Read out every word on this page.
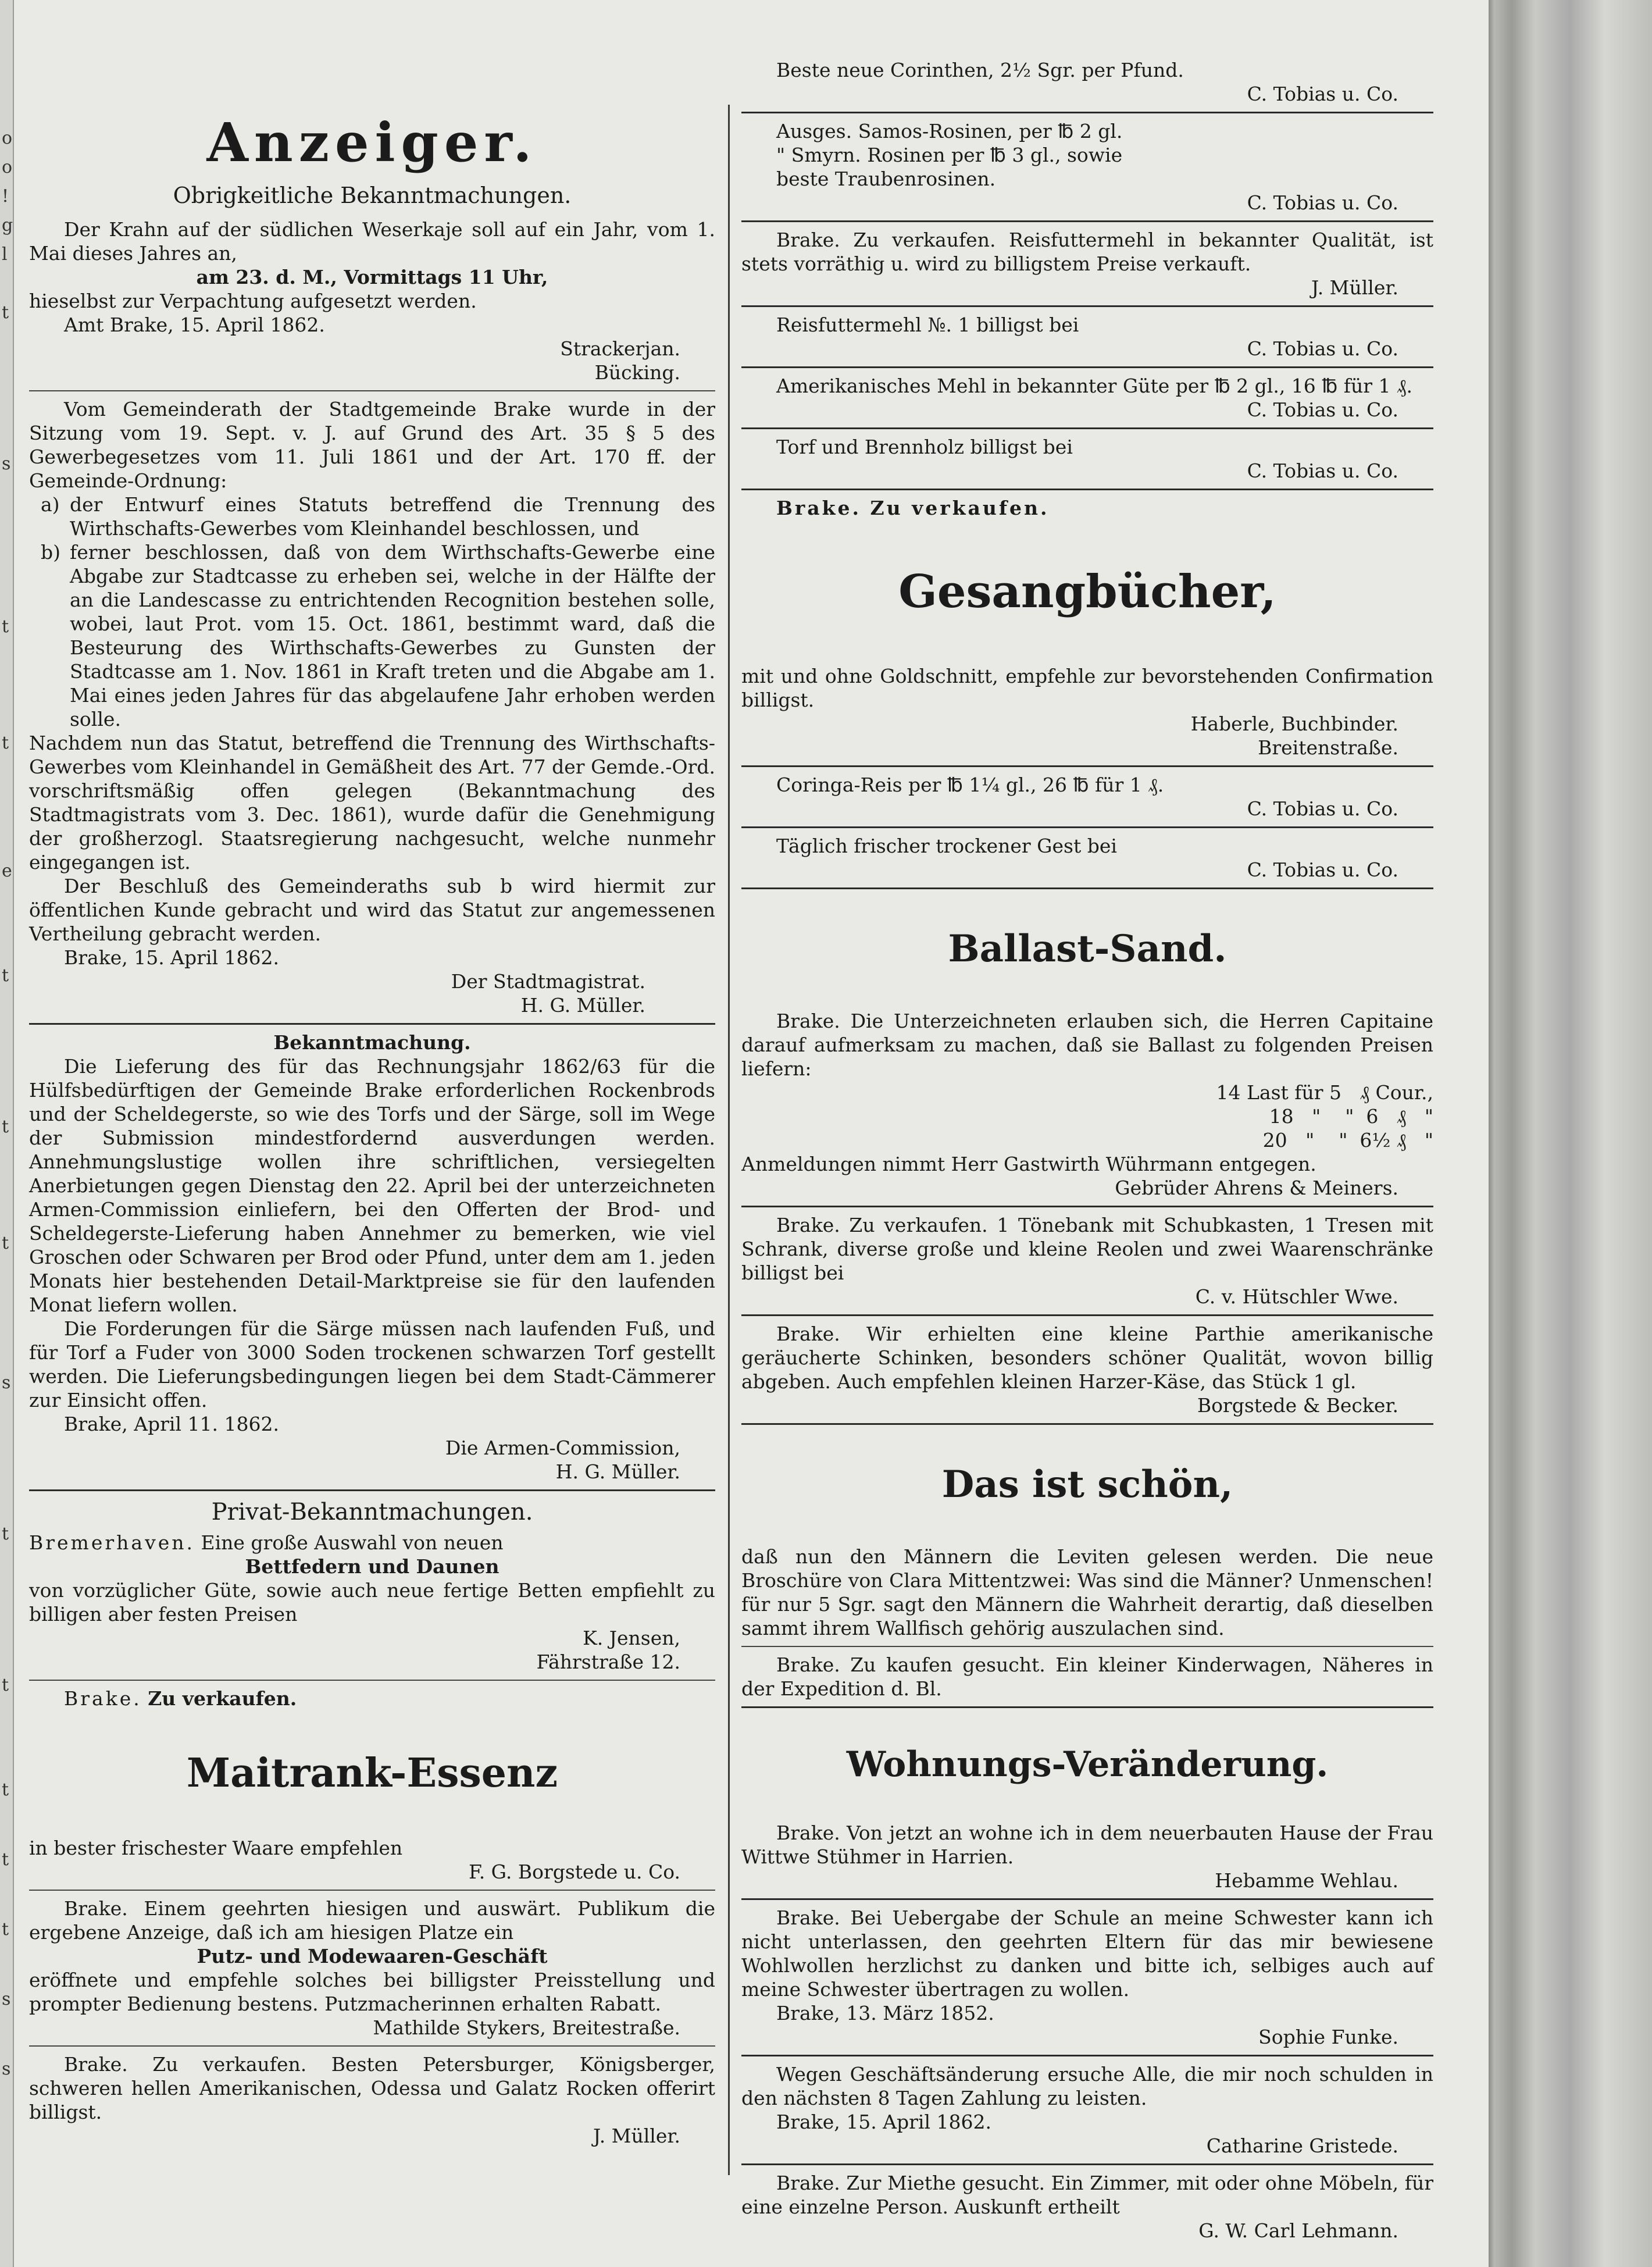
o
o
!
g
l
t
s
t
t
e
t
t
t
s
t
t
t
t
t
s
s
Anzeiger.
Obrigkeitliche Bekanntmachungen.

Der Krahn auf der südlichen Weserkaje soll auf ein Jahr, vom 1. Mai dieses Jahres an,

am 23. d. M., Vormittags 11 Uhr,

hieselbst zur Verpachtung aufgesetzt werden.

Amt Brake, 15. April 1862.

Strackerjan.

Bücking.

Vom Gemeinderath der Stadtgemeinde Brake wurde in der Sitzung vom 19. Sept. v. J. auf Grund des Art. 35 § 5 des Gewerbegesetzes vom 11. Juli 1861 und der Art. 170 ff. der Gemeinde-Ordnung:

a) der Entwurf eines Statuts betreffend die Trennung des Wirthschafts-Gewerbes vom Kleinhandel beschlossen, und
b) ferner beschlossen, daß von dem Wirthschafts-Gewerbe eine Abgabe zur Stadtcasse zu erheben sei, welche in der Hälfte der an die Landescasse zu entrichtenden Recognition bestehen solle, wobei, laut Prot. vom 15. Oct. 1861, bestimmt ward, daß die Besteurung des Wirthschafts-Gewerbes zu Gunsten der Stadtcasse am 1. Nov. 1861 in Kraft treten und die Abgabe am 1. Mai eines jeden Jahres für das abgelaufene Jahr erhoben werden solle.

Nachdem nun das Statut, betreffend die Trennung des Wirthschafts-Gewerbes vom Kleinhandel in Gemäßheit des Art. 77 der Gemde.-Ord. vorschriftsmäßig offen gelegen (Bekanntmachung des Stadtmagistrats vom 3. Dec. 1861), wurde dafür die Genehmigung der großherzogl. Staatsregierung nachgesucht, welche nunmehr eingegangen ist.

Der Beschluß des Gemeinderaths sub b wird hiermit zur öffentlichen Kunde gebracht und wird das Statut zur angemessenen Vertheilung gebracht werden.

Brake, 15. April 1862.

Der Stadtmagistrat.

H. G. Müller.

Bekanntmachung.

Die Lieferung des für das Rechnungsjahr 1862/63 für die Hülfsbedürftigen der Gemeinde Brake erforderlichen Rockenbrods und der Scheldegerste, so wie des Torfs und der Särge, soll im Wege der Submission mindestfordernd ausverdungen werden. Annehmungslustige wollen ihre schriftlichen, versiegelten Anerbietungen gegen Dienstag den 22. April bei der unterzeichneten Armen-Commission einliefern, bei den Offerten der Brod- und Scheldegerste-Lieferung haben Annehmer zu bemerken, wie viel Groschen oder Schwaren per Brod oder Pfund, unter dem am 1. jeden Monats hier bestehenden Detail-Marktpreise sie für den laufenden Monat liefern wollen.

Die Forderungen für die Särge müssen nach laufenden Fuß, und für Torf a Fuder von 3000 Soden trockenen schwarzen Torf gestellt werden. Die Lieferungsbedingungen liegen bei dem Stadt-Cämmerer zur Einsicht offen.

Brake, April 11. 1862.

Die Armen-Commission,

H. G. Müller.

Privat-Bekanntmachungen.

Bremerhaven. Eine große Auswahl von neuen

Bettfedern und Daunen

von vorzüglicher Güte, sowie auch neue fertige Betten empfiehlt zu billigen aber festen Preisen

K. Jensen,

Fährstraße 12.

Brake. Zu verkaufen.

Maitrank-Essenz

in bester frischester Waare empfehlen

F. G. Borgstede u. Co.

Brake. Einem geehrten hiesigen und auswärt. Publikum die ergebene Anzeige, daß ich am hiesigen Platze ein

Putz- und Modewaaren-Geschäft

eröffnete und empfehle solches bei billigster Preisstellung und prompter Bedienung bestens. Putzmacherinnen erhalten Rabatt.

Mathilde Stykers, Breitestraße.

Brake. Zu verkaufen. Besten Petersburger, Königsberger, schweren hellen Amerikanischen, Odessa und Galatz Rocken offerirt billigst.

J. Müller.

Beste neue Corinthen, 2½ Sgr. per Pfund.

C. Tobias u. Co.

Ausges. Samos-Rosinen, per ℔ 2 gl.

" Smyrn. Rosinen per ℔ 3 gl., sowie

beste Traubenrosinen.

C. Tobias u. Co.

Brake. Zu verkaufen. Reisfuttermehl in bekannter Qualität, ist stets vorräthig u. wird zu billigstem Preise verkauft.

J. Müller.

Reisfuttermehl №. 1 billigst bei

C. Tobias u. Co.

Amerikanisches Mehl in bekannter Güte per ℔ 2 gl., 16 ℔ für 1 ₰.

C. Tobias u. Co.

Torf und Brennholz billigst bei

C. Tobias u. Co.

Brake. Zu verkaufen.

Gesangbücher,

mit und ohne Goldschnitt, empfehle zur bevorstehenden Confirmation billigst.

Haberle, Buchbinder.

Breitenstraße.

Coringa-Reis per ℔ 1¼ gl., 26 ℔ für 1 ₰.

C. Tobias u. Co.

Täglich frischer trockener Gest bei

C. Tobias u. Co.

Ballast-Sand.

Brake. Die Unterzeichneten erlauben sich, die Herren Capitaine darauf aufmerksam zu machen, daß sie Ballast zu folgenden Preisen liefern:

14 Last für 5   ₰ Cour.,
18   "    "  6   ₰   "
20   "    "  6½ ₰   "

Anmeldungen nimmt Herr Gastwirth Wührmann entgegen.

Gebrüder Ahrens & Meiners.

Brake. Zu verkaufen. 1 Tönebank mit Schubkasten, 1 Tresen mit Schrank, diverse große und kleine Reolen und zwei Waarenschränke billigst bei

C. v. Hütschler Wwe.

Brake. Wir erhielten eine kleine Parthie amerikanische geräucherte Schinken, besonders schöner Qualität, wovon billig abgeben. Auch empfehlen kleinen Harzer-Käse, das Stück 1 gl.

Borgstede & Becker.

Das ist schön,

daß nun den Männern die Leviten gelesen werden. Die neue Broschüre von Clara Mittentzwei: Was sind die Männer? Unmenschen! für nur 5 Sgr. sagt den Männern die Wahrheit derartig, daß dieselben sammt ihrem Wallfisch gehörig auszulachen sind.

Brake. Zu kaufen gesucht. Ein kleiner Kinderwagen, Näheres in der Expedition d. Bl.

Wohnungs-Veränderung.

Brake. Von jetzt an wohne ich in dem neuerbauten Hause der Frau Wittwe Stühmer in Harrien.

Hebamme Wehlau.

Brake. Bei Uebergabe der Schule an meine Schwester kann ich nicht unterlassen, den geehrten Eltern für das mir bewiesene Wohlwollen herzlichst zu danken und bitte ich, selbiges auch auf meine Schwester übertragen zu wollen.

Brake, 13. März 1852.

Sophie Funke.

Wegen Geschäftsänderung ersuche Alle, die mir noch schulden in den nächsten 8 Tagen Zahlung zu leisten.

Brake, 15. April 1862.

Catharine Gristede.

Brake. Zur Miethe gesucht. Ein Zimmer, mit oder ohne Möbeln, für eine einzelne Person. Auskunft ertheilt

G. W. Carl Lehmann.
